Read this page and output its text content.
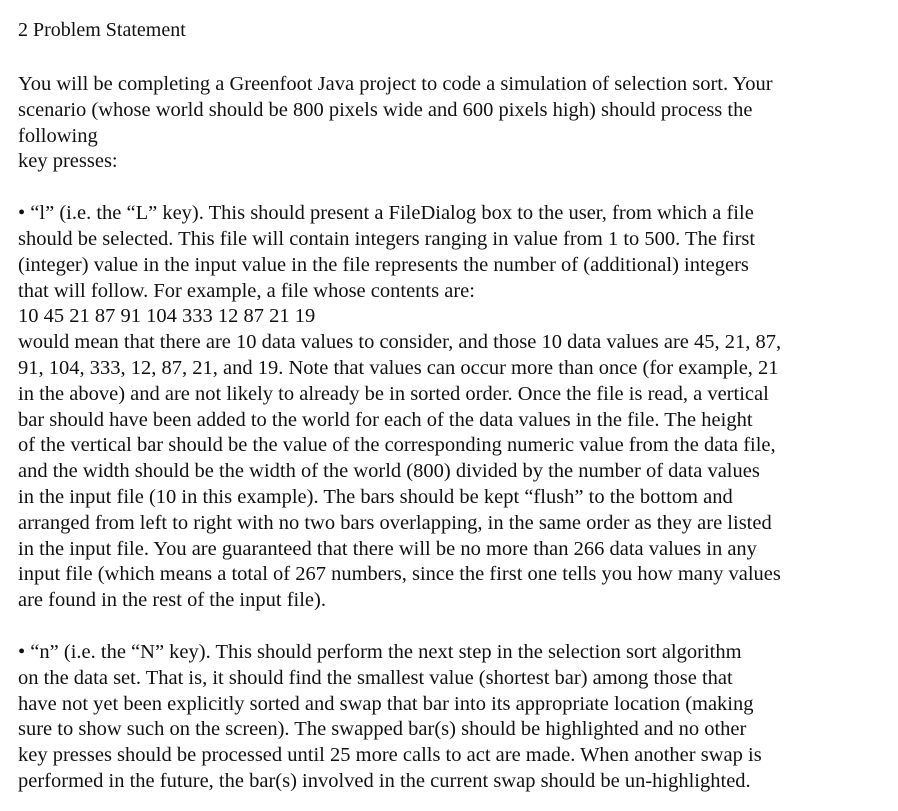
2 Problem Statement

You will be completing a Greenfoot Java project to code a simulation of selection sort. Your
scenario (whose world should be 800 pixels wide and 600 pixels high) should process the
following
key presses:

• “l” (i.e. the “L” key). This should present a FileDialog box to the user, from which a file
should be selected. This file will contain integers ranging in value from 1 to 500. The first
(integer) value in the input value in the file represents the number of (additional) integers
that will follow. For example, a file whose contents are:
10 45 21 87 91 104 333 12 87 21 19
would mean that there are 10 data values to consider, and those 10 data values are 45, 21, 87,
91, 104, 333, 12, 87, 21, and 19. Note that values can occur more than once (for example, 21
in the above) and are not likely to already be in sorted order. Once the file is read, a vertical
bar should have been added to the world for each of the data values in the file. The height
of the vertical bar should be the value of the corresponding numeric value from the data file,
and the width should be the width of the world (800) divided by the number of data values
in the input file (10 in this example). The bars should be kept “flush” to the bottom and
arranged from left to right with no two bars overlapping, in the same order as they are listed
in the input file. You are guaranteed that there will be no more than 266 data values in any
input file (which means a total of 267 numbers, since the first one tells you how many values
are found in the rest of the input file).

• “n” (i.e. the “N” key). This should perform the next step in the selection sort algorithm
on the data set. That is, it should find the smallest value (shortest bar) among those that
have not yet been explicitly sorted and swap that bar into its appropriate location (making
sure to show such on the screen). The swapped bar(s) should be highlighted and no other
key presses should be processed until 25 more calls to act are made. When another swap is
performed in the future, the bar(s) involved in the current swap should be un-highlighted.
